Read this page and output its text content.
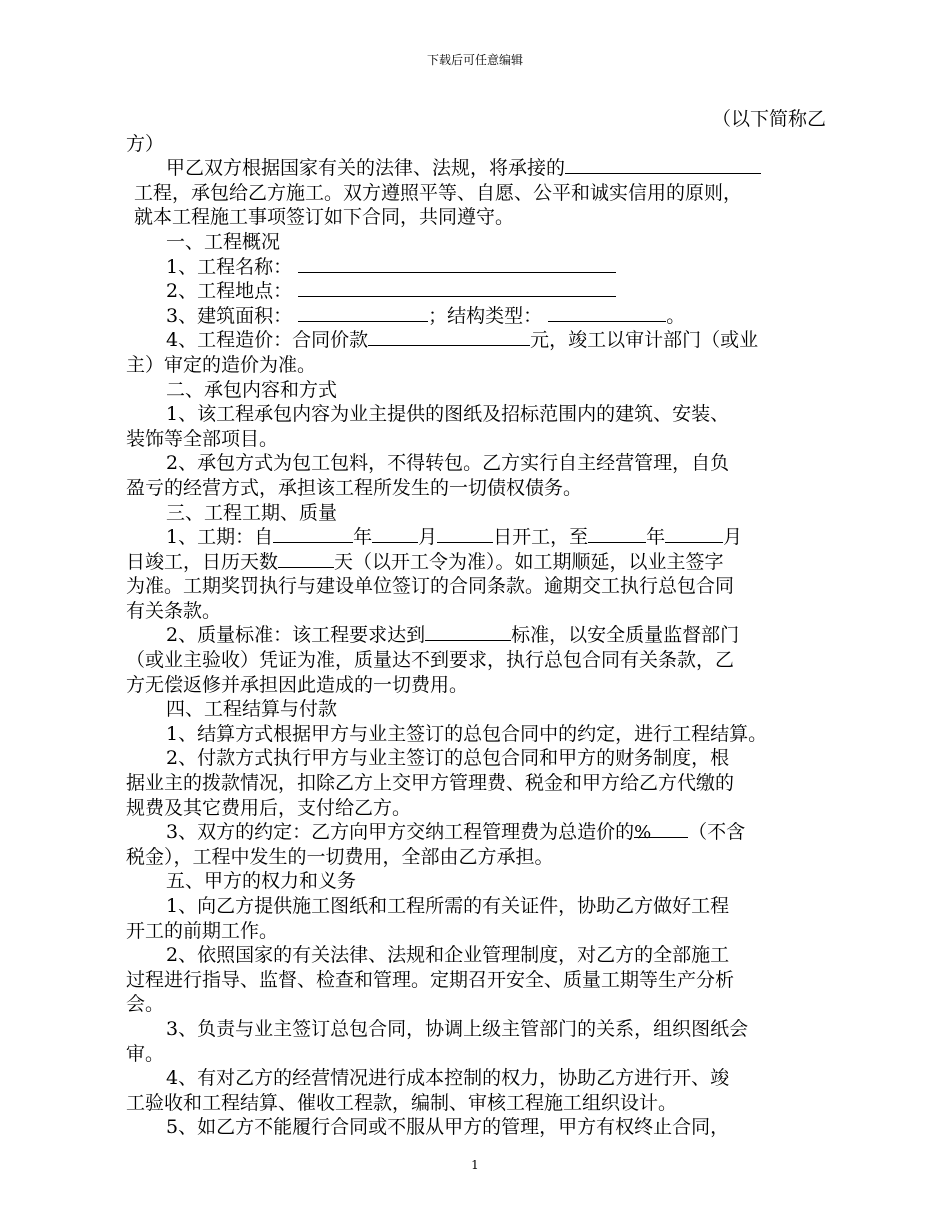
下载后可任意编辑

（以下简称乙

方）

甲乙双方根据国家有关的法律、法规，将承接的

工程，承包给乙方施工。双方遵照平等、自愿、公平和诚实信用的原则，

就本工程施工事项签订如下合同，共同遵守。

一、工程概况

1、工程名称：

2、工程地点：

3、建筑面积：	；结构类型：	。

4、工程造价：合同价款	元，竣工以审计部门（或业

主）审定的造价为准。

二、承包内容和方式

1、该工程承包内容为业主提供的图纸及招标范围内的建筑、安装、

装饰等全部项目。

2、承包方式为包工包料，不得转包。乙方实行自主经营管理，自负

盈亏的经营方式，承担该工程所发生的一切债权债务。

三、工程工期、质量

1、工期：自	年 月	日开工，至	年	月

日竣工，日历天数	天（以开工令为准）。如工期顺延，以业主签字

为准。工期奖罚执行与建设单位签订的合同条款。逾期交工执行总包合同

有关条款。

2、质量标准：该工程要求达到	标准，以安全质量监督部门

（或业主验收）凭证为准，质量达不到要求，执行总包合同有关条款，乙

方无偿返修并承担因此造成的一切费用。

四、工程结算与付款

1、结算方式根据甲方与业主签订的总包合同中的约定，进行工程结算。

2、付款方式执行甲方与业主签订的总包合同和甲方的财务制度，根

据业主的拨款情况，扣除乙方上交甲方管理费、税金和甲方给乙方代缴的

规费及其它费用后，支付给乙方。

3、双方的约定：乙方向甲方交纳工程管理费为总造价的% （不含

税金），工程中发生的一切费用，全部由乙方承担。

五、甲方的权力和义务

1、向乙方提供施工图纸和工程所需的有关证件，协助乙方做好工程

开工的前期工作。

2、依照国家的有关法律、法规和企业管理制度，对乙方的全部施工

过程进行指导、监督、检查和管理。定期召开安全、质量工期等生产分析

会。

3、负责与业主签订总包合同，协调上级主管部门的关系，组织图纸会

审。

4、有对乙方的经营情况进行成本控制的权力，协助乙方进行开、竣

工验收和工程结算、催收工程款，编制、审核工程施工组织设计。

5、如乙方不能履行合同或不服从甲方的管理，甲方有权终止合同，

1
